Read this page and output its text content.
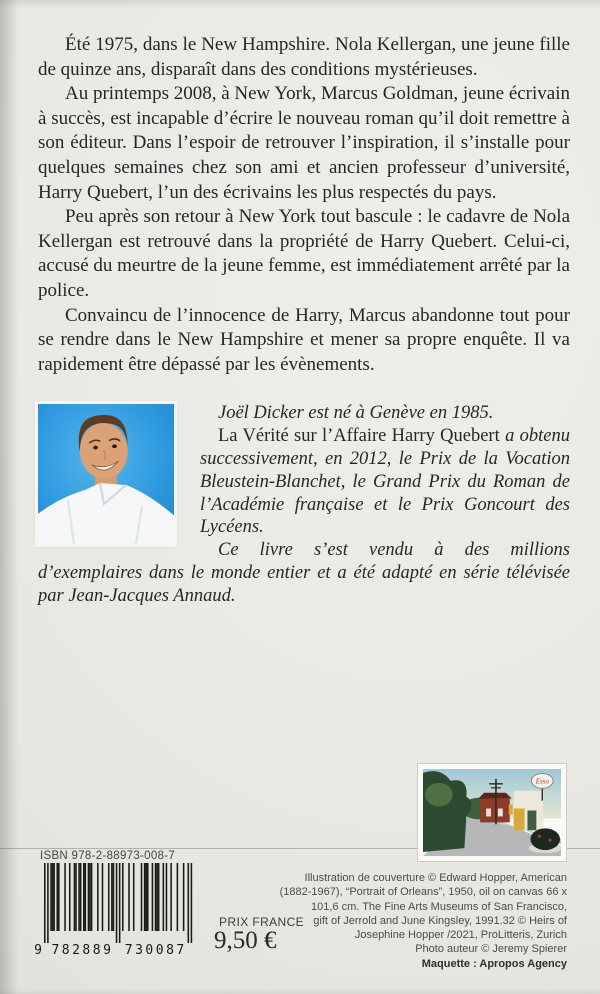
Été 1975, dans le New Hampshire. Nola Kellergan, une jeune fille de quinze ans, disparaît dans des conditions mystérieuses.

Au printemps 2008, à New York, Marcus Goldman, jeune écrivain à succès, est incapable d’écrire le nouveau roman qu’il doit remettre à son éditeur. Dans l’espoir de retrouver l’inspiration, il s’installe pour quelques semaines chez son ami et ancien professeur d’université, Harry Quebert, l’un des écrivains les plus respectés du pays.

Peu après son retour à New York tout bascule : le cadavre de Nola Kellergan est retrouvé dans la propriété de Harry Quebert. Celui-ci, accusé du meurtre de la jeune femme, est immédiatement arrêté par la police.

Convaincu de l’innocence de Harry, Marcus abandonne tout pour se rendre dans le New Hampshire et mener sa propre enquête. Il va rapidement être dépassé par les évènements.

Joël Dicker est né à Genève en 1985.

La Vérité sur l’Affaire Harry Quebert a obtenu successivement, en 2012, le Prix de la Vocation Bleustein-Blanchet, le Grand Prix du Roman de l’Académie française et le Prix Goncourt des Lycéens.

Ce livre s’est vendu à des millions d’exemplaires dans le monde entier et a été adapté en série télévisée par Jean-Jacques Annaud.

ISBN 978-2-88973-008-7
9 782889 730087
PRIX FRANCE
9,50 €
Esso
Illustration de couverture © Edward Hopper, American
(1882-1967), “Portrait of Orleans”, 1950, oil on canvas 66 x
101,6 cm. The Fine Arts Museums of San Francisco,
gift of Jerrold and June Kingsley, 1991.32 © Heirs of
Josephine Hopper /2021, ProLitteris, Zurich
Photo auteur © Jeremy Spierer
Maquette : Apropos Agency
